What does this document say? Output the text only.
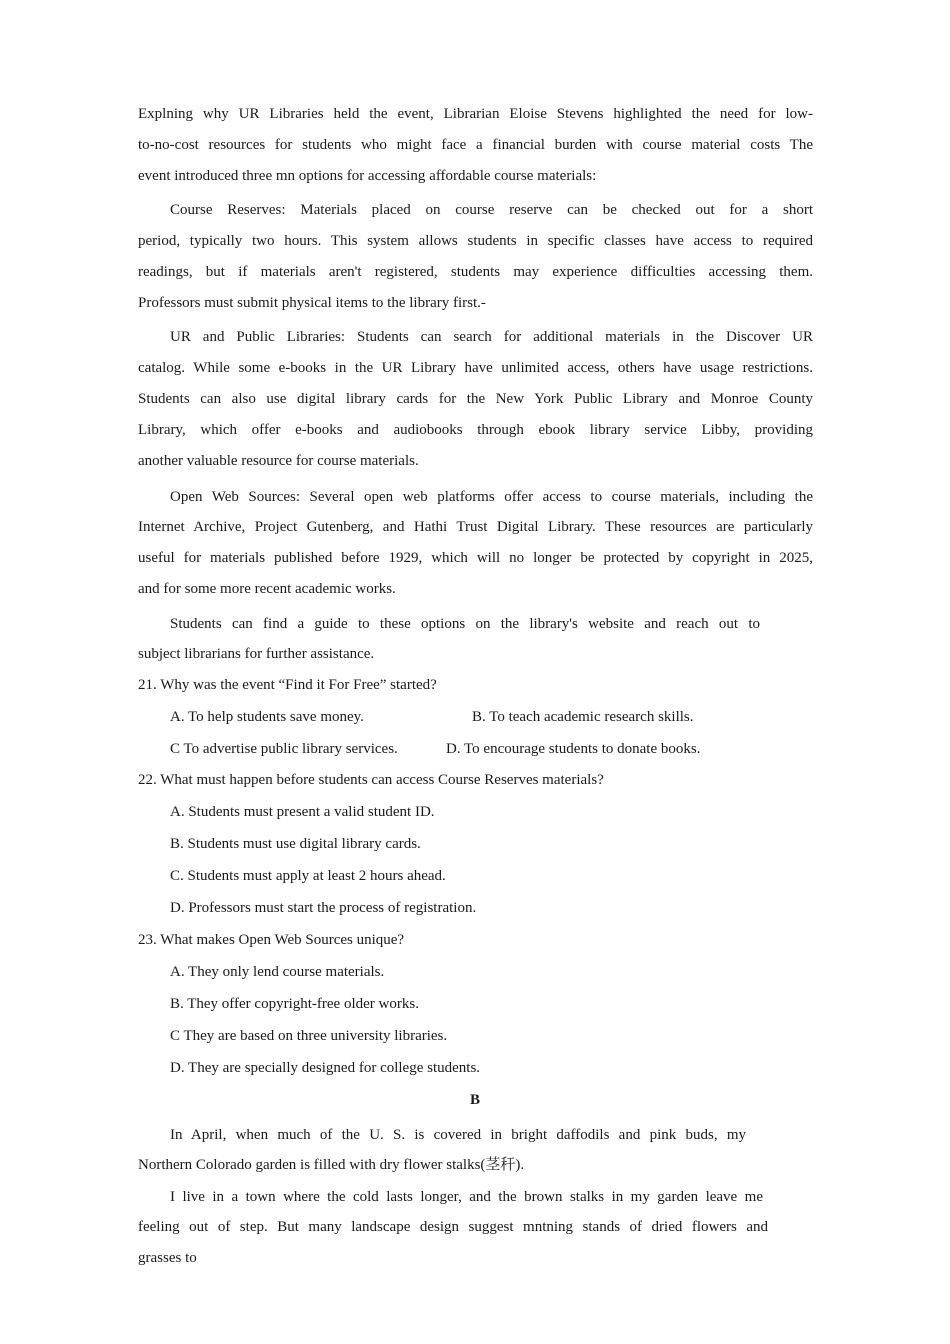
Explning why UR Libraries held the event, Librarian Eloise Stevens highlighted the need for low-
to-no-cost resources for students who might face a financial burden with course material costs The
event introduced three mn options for accessing affordable course materials:
Course Reserves: Materials placed on course reserve can be checked out for a short
period, typically two hours. This system allows students in specific classes have access to required
readings, but if materials aren't registered, students may experience difficulties accessing them.
Professors must submit physical items to the library first.-
UR and Public Libraries: Students can search for additional materials in the Discover UR
catalog. While some e-books in the UR Library have unlimited access, others have usage restrictions.
Students can also use digital library cards for the New York Public Library and Monroe County
Library, which offer e-books and audiobooks through ebook library service Libby, providing
another valuable resource for course materials.
Open Web Sources: Several open web platforms offer access to course materials, including the
Internet Archive, Project Gutenberg, and Hathi Trust Digital Library. These resources are particularly
useful for materials published before 1929, which will no longer be protected by copyright in 2025,
and for some more recent academic works.
Students can find a guide to these options on the library's website and reach out to
subject librarians for further assistance.
21. Why was the event “Find it For Free” started?
A. To help students save money.	B. To teach academic research skills.
C To advertise public library services.	D. To encourage students to donate books.
22. What must happen before students can access Course Reserves materials?
A. Students must present a valid student ID.
B. Students must use digital library cards.
C. Students must apply at least 2 hours ahead.
D. Professors must start the process of registration.
23. What makes Open Web Sources unique?
A. They only lend course materials.
B. They offer copyright-free older works.
C They are based on three university libraries.
D. They are specially designed for college students.
B
In April, when much of the U. S. is covered in bright daffodils and pink buds, my
Northern Colorado garden is filled with dry flower stalks(茎秆).
I live in a town where the cold lasts longer, and the brown stalks in my garden leave me
feeling out of step. But many landscape design suggest mntning stands of dried flowers and
grasses to
